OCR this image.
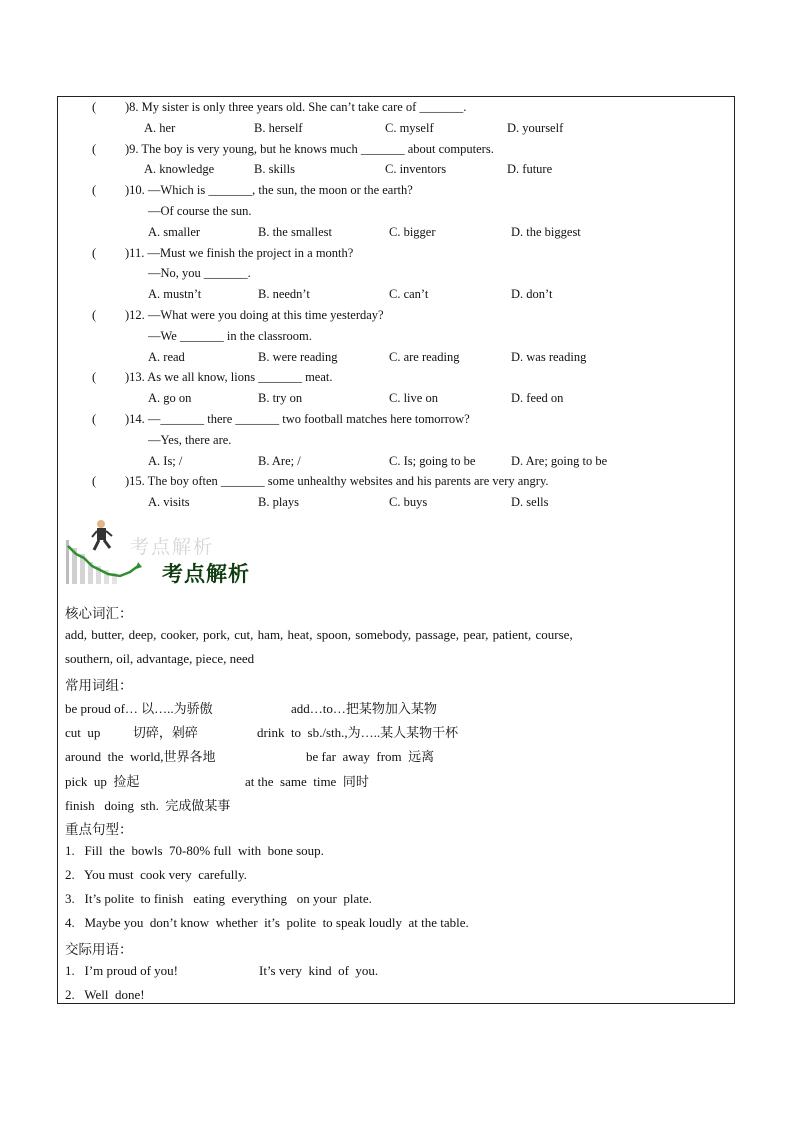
( )8. My sister is only three years old. She can’t take care of _______.
A. her	B. herself	C. myself	D. yourself
( )9. The boy is very young, but he knows much _______ about computers.
A. knowledge	B. skills	C. inventors	D. future
( )10. —Which is _______, the sun, the moon or the earth?
—Of course the sun.
A. smaller	B. the smallest	C. bigger	D. the biggest
( )11. —Must we finish the project in a month?
—No, you _______.
A. mustn’t	B. needn’t	C. can’t	D. don’t
( )12. —What were you doing at this time yesterday?
—We _______ in the classroom.
A. read	B. were reading	C. are reading	D. was reading
( )13. As we all know, lions _______ meat.
A. go on	B. try on	C. live on	D. feed on
( )14. —_______ there _______ two football matches here tomorrow?
—Yes, there are.
A. Is; /	B. Are; /	C. Is; going to be	D. Are; going to be
( )15. The boy often _______ some unhealthy websites and his parents are very angry.
A. visits	B. plays	C. buys	D. sells
考点解析
考点解析
核心词汇：
add, butter, deep, cooker, pork, cut, ham, heat, spoon, somebody, passage, pear, patient, course,
southern, oil, advantage, piece, need
常用词组：
be proud of… 以…..为骄傲	add…to…把某物加入某物
cut  up          切碎，剁碎	drink  to  sb./sth.,为…..某人某物干杯
around  the  world,世界各地	be far  away  from  远离
pick  up  捡起	at the  same  time  同时
finish   doing  sth.  完成做某事
重点句型：
1.   Fill  the  bowls  70-80% full  with  bone soup.
2.   You must  cook very  carefully.
3.   It’s polite  to finish   eating  everything   on your  plate.
4.   Maybe you  don’t know  whether  it’s  polite  to speak loudly  at the table.
交际用语：
1.   I’m proud of you!	It’s very  kind  of  you.
2.   Well  done!
